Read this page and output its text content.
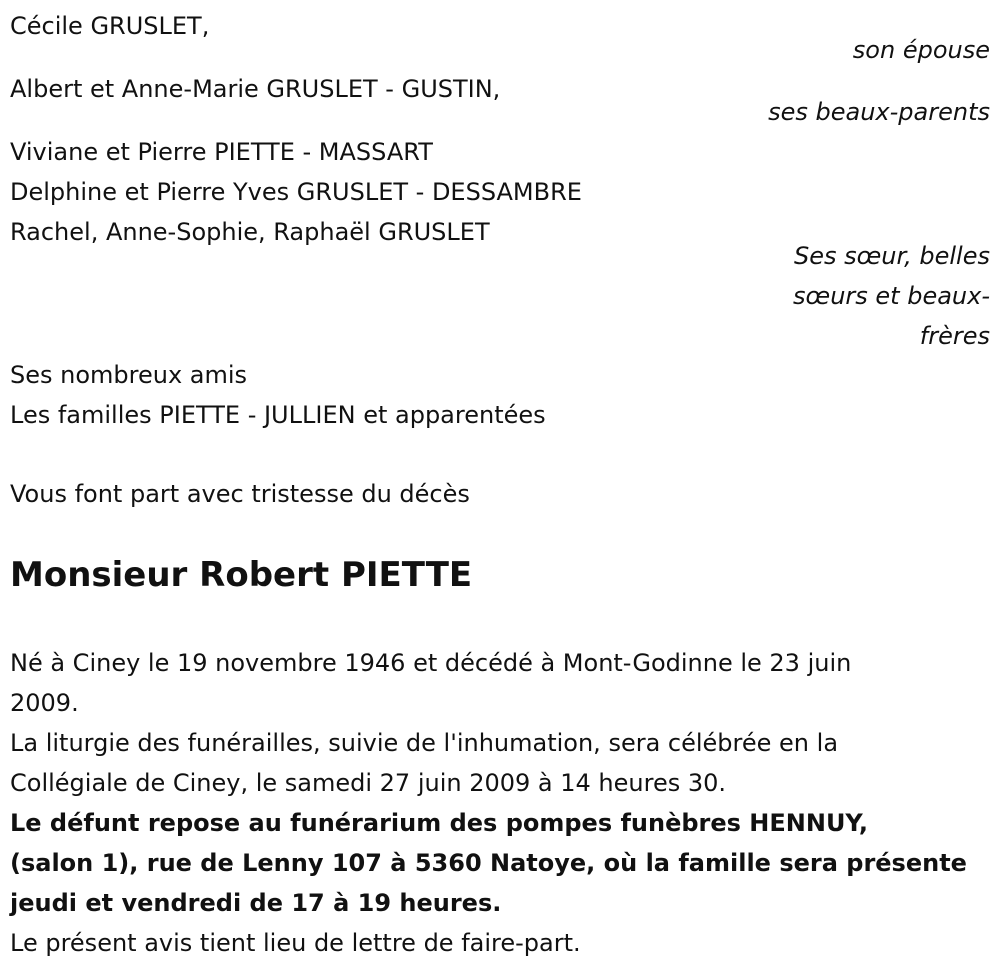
Cécile GRUSLET,
son épouse
Albert et Anne-Marie GRUSLET - GUSTIN,
ses beaux-parents
Viviane et Pierre PIETTE - MASSART
Delphine et Pierre Yves GRUSLET - DESSAMBRE
Rachel, Anne-Sophie, Raphaël GRUSLET
Ses sœur, belles
sœurs et beaux-
frères
Ses nombreux amis
Les familles PIETTE - JULLIEN et apparentées
Vous font part avec tristesse du décès
Monsieur Robert PIETTE
Né à Ciney le 19 novembre 1946 et décédé à Mont-Godinne le 23 juin
2009.
La liturgie des funérailles, suivie de l'inhumation, sera célébrée en la
Collégiale de Ciney, le samedi 27 juin 2009 à 14 heures 30.
Le défunt repose au funérarium des pompes funèbres HENNUY,
(salon 1), rue de Lenny 107 à 5360 Natoye, où la famille sera présente
jeudi et vendredi de 17 à 19 heures.
Le présent avis tient lieu de lettre de faire-part.
